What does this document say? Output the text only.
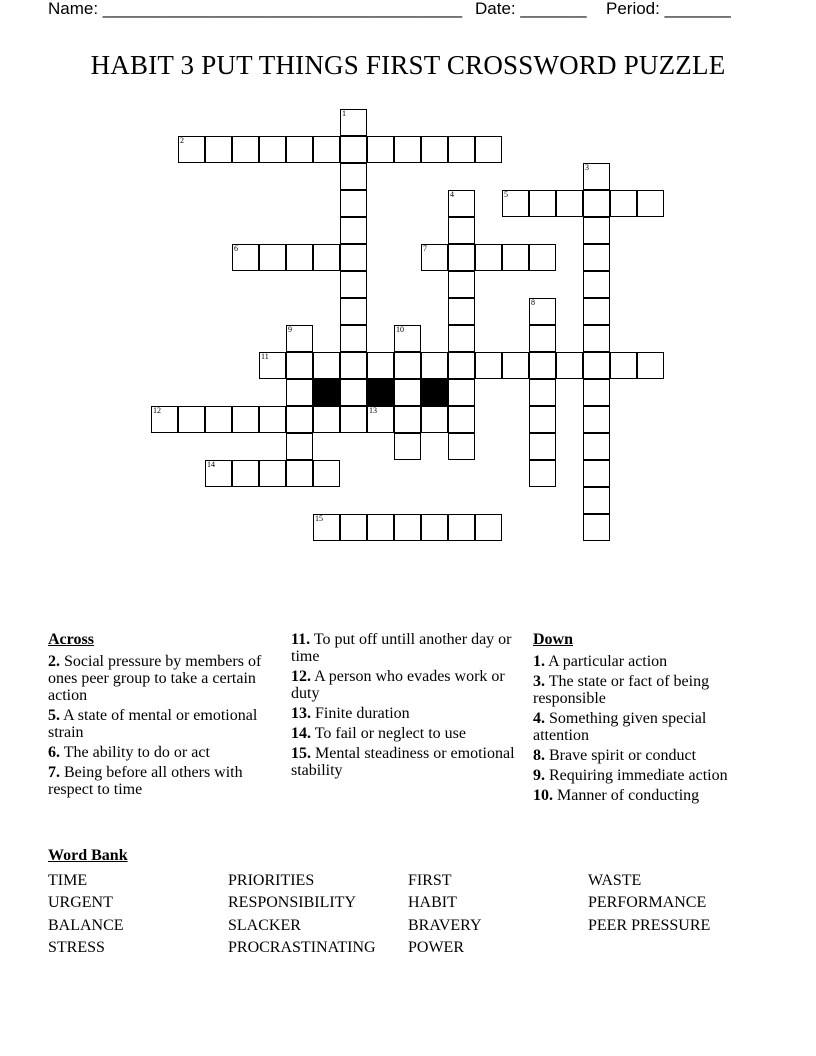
Name: ______________________________________ Date: _______ Period: _______
HABIT 3 PUT THINGS FIRST CROSSWORD PUZZLE
1
3
4
8
9	10
2
5
6	7
11
12	13
14
15
Across
2. Social pressure by members of ones peer group to take a certain action
5. A state of mental or emotional strain
6. The ability to do or act
7. Being before all others with respect to time
11. To put off untill another day or time
12. A person who evades work or duty
13. Finite duration
14. To fail or neglect to use
15. Mental steadiness or emotional stability
Down
1. A particular action
3. The state or fact of being responsible
4. Something given special attention
8. Brave spirit or conduct
9. Requiring immediate action
10. Manner of conducting
Word Bank
TIME
URGENT
BALANCE
STRESS
PRIORITIES
RESPONSIBILITY
SLACKER
PROCRASTINATING
FIRST
HABIT
BRAVERY
POWER
WASTE
PERFORMANCE
PEER PRESSURE
